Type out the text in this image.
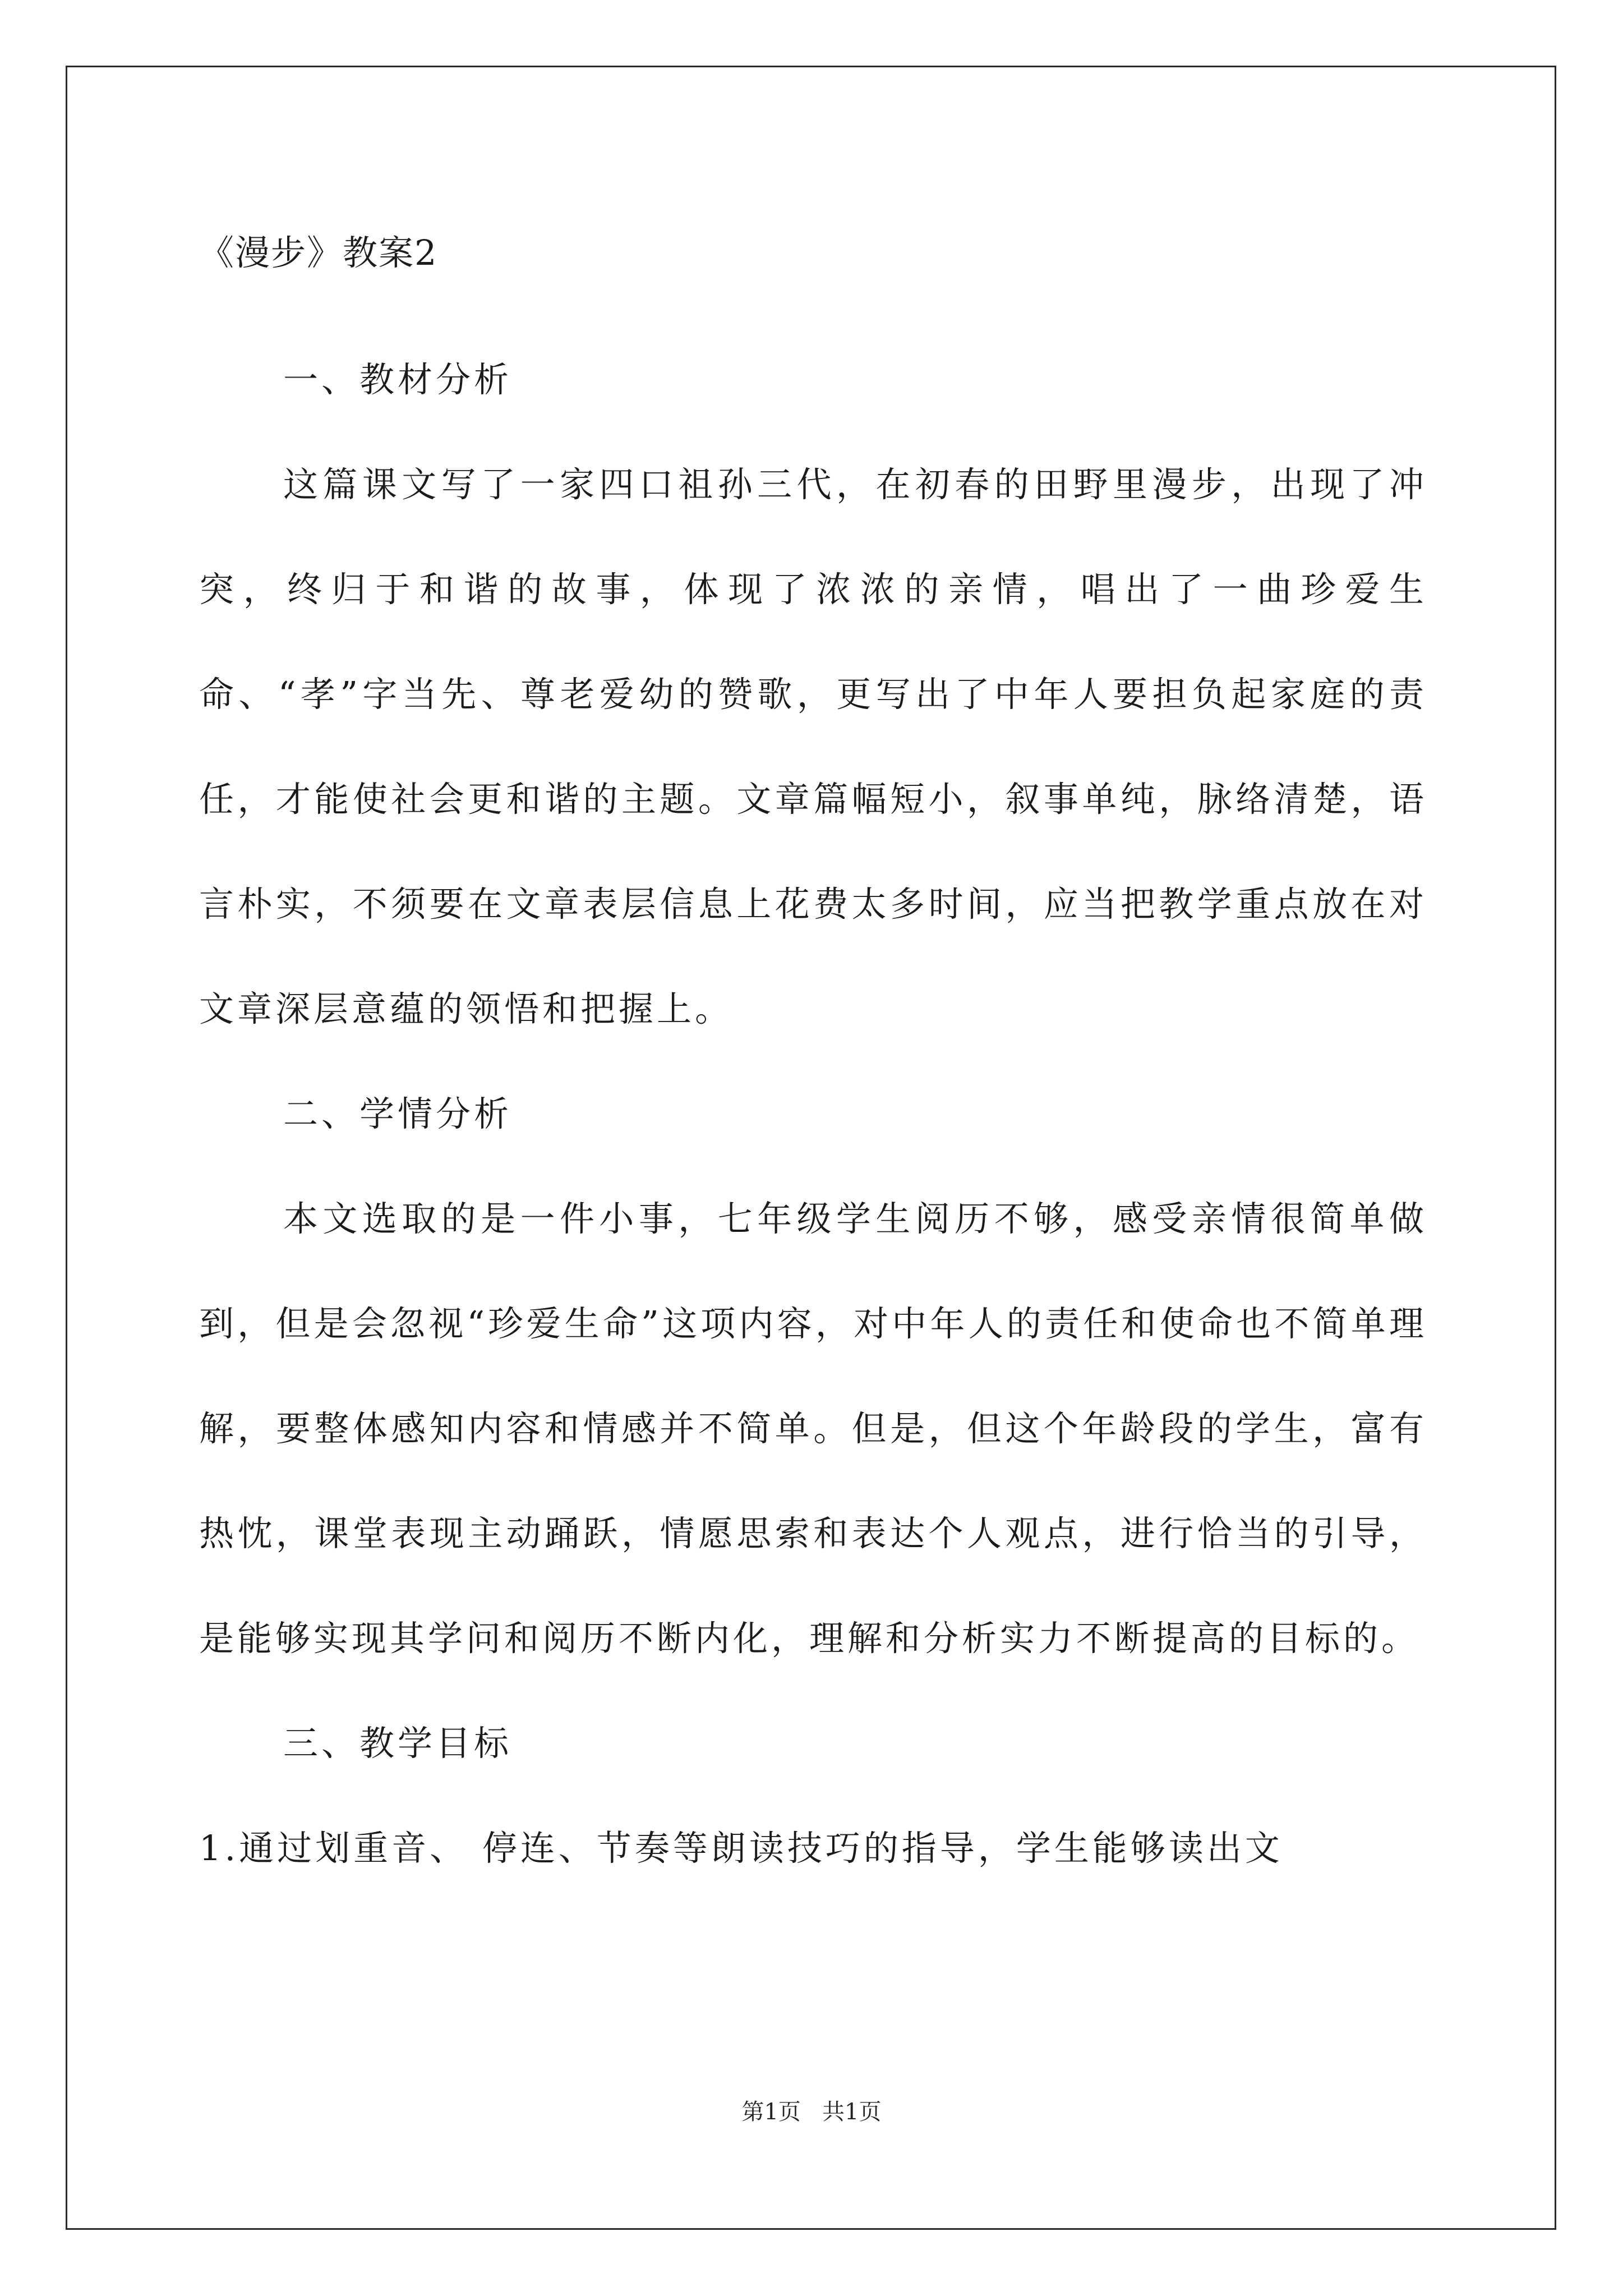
《漫步》教案2

一、教材分析

这篇课文写了一家四口祖孙三代，在初春的田野里漫步，出现了冲突，终归于和谐的故事，体现了浓浓的亲情，唱出了一曲珍爱生命、“孝”字当先、尊老爱幼的赞歌，更写出了中年人要担负起家庭的责任，才能使社会更和谐的主题。文章篇幅短小，叙事单纯，脉络清楚，语言朴实，不须要在文章表层信息上花费太多时间，应当把教学重点放在对文章深层意蕴的领悟和把握上。

二、学情分析

本文选取的是一件小事，七年级学生阅历不够，感受亲情很简单做到，但是会忽视“珍爱生命”这项内容，对中年人的责任和使命也不简单理解，要整体感知内容和情感并不简单。但是，但这个年龄段的学生，富有热忱，课堂表现主动踊跃，情愿思索和表达个人观点，进行恰当的引导，是能够实现其学问和阅历不断内化，理解和分析实力不断提高的目标的。

三、教学目标

1.通过划重音、 停连、节奏等朗读技巧的指导，学生能够读出文

第1页   共1页
